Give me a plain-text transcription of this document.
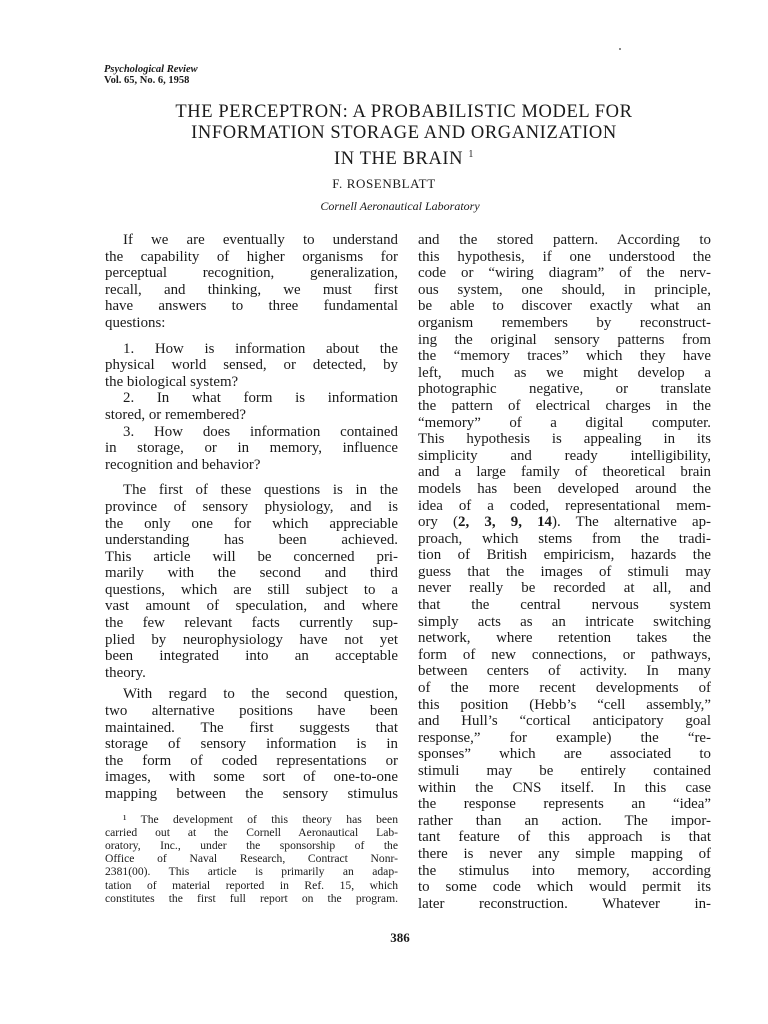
Psychological Review
Vol. 65, No. 6, 1958
THE PERCEPTRON: A PROBABILISTIC MODEL FOR
INFORMATION STORAGE AND ORGANIZATION
IN THE BRAIN $^1$
F. ROSENBLATT
Cornell Aeronautical Laboratory

If we are eventually to understand
the capability of higher organisms for
perceptual recognition, generalization,
recall, and thinking, we must first
have answers to three fundamental
questions:
1. How is information about the
physical world sensed, or detected, by
the biological system?
2. In what form is information
stored, or remembered?
3. How does information contained
in storage, or in memory, influence
recognition and behavior?
The first of these questions is in the
province of sensory physiology, and is
the only one for which appreciable
understanding has been achieved.
This article will be concerned pri-
marily with the second and third
questions, which are still subject to a
vast amount of speculation, and where
the few relevant facts currently sup-
plied by neurophysiology have not yet
been integrated into an acceptable
theory.
With regard to the second question,
two alternative positions have been
maintained. The first suggests that
storage of sensory information is in
the form of coded representations or
images, with some sort of one-to-one
mapping between the sensory stimulus
¹ The development of this theory has been
carried out at the Cornell Aeronautical Lab-
oratory, Inc., under the sponsorship of the
Office of Naval Research, Contract Nonr-
2381(00). This article is primarily an adap-
tation of material reported in Ref. 15, which
constitutes the first full report on the program.
and the stored pattern. According to
this hypothesis, if one understood the
code or “wiring diagram” of the nerv-
ous system, one should, in principle,
be able to discover exactly what an
organism remembers by reconstruct-
ing the original sensory patterns from
the “memory traces” which they have
left, much as we might develop a
photographic negative, or translate
the pattern of electrical charges in the
“memory” of a digital computer.
This hypothesis is appealing in its
simplicity and ready intelligibility,
and a large family of theoretical brain
models has been developed around the
idea of a coded, representational mem-
ory (2, 3, 9, 14). The alternative ap-
proach, which stems from the tradi-
tion of British empiricism, hazards the
guess that the images of stimuli may
never really be recorded at all, and
that the central nervous system
simply acts as an intricate switching
network, where retention takes the
form of new connections, or pathways,
between centers of activity. In many
of the more recent developments of
this position (Hebb’s “cell assembly,”
and Hull’s “cortical anticipatory goal
response,” for example) the “re-
sponses” which are associated to
stimuli may be entirely contained
within the CNS itself. In this case
the response represents an “idea”
rather than an action. The impor-
tant feature of this approach is that
there is never any simple mapping of
the stimulus into memory, according
to some code which would permit its
later reconstruction. Whatever in-
386
